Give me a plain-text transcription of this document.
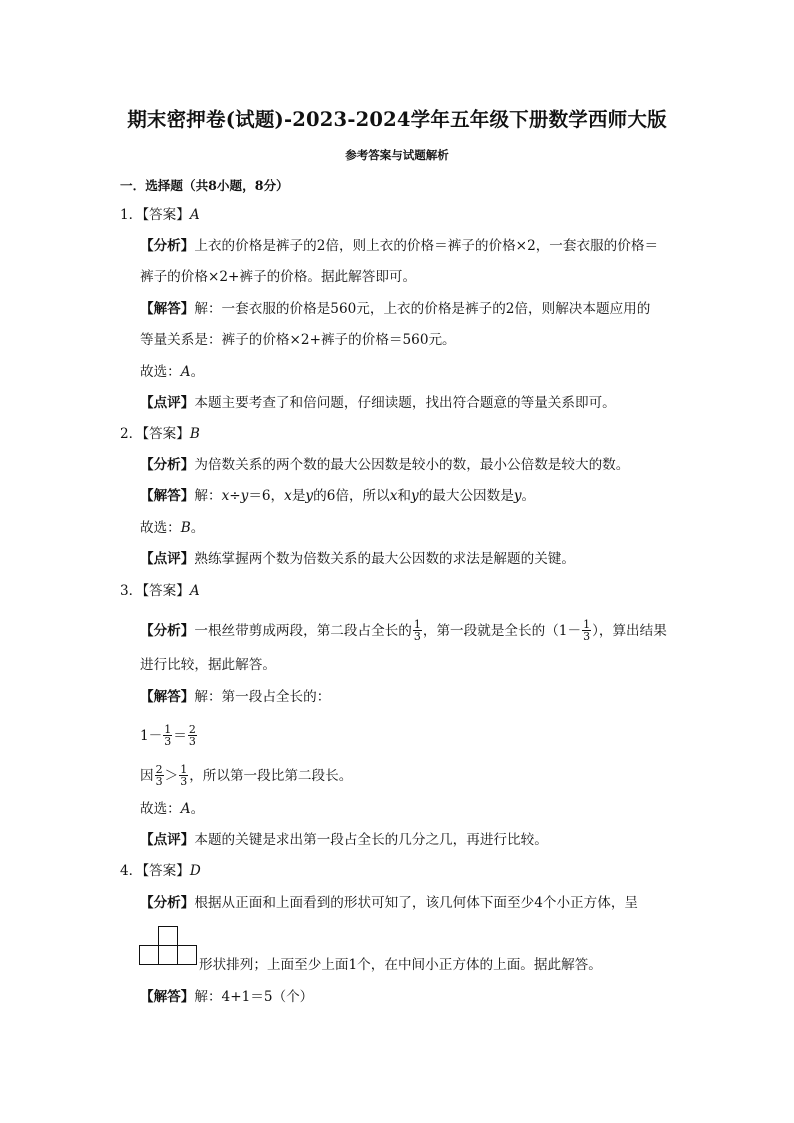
期末密押卷(试题)-2023-2024学年五年级下册数学西师大版
参考答案与试题解析
一．选择题（共8小题，8分）
1．【答案】A
【分析】上衣的价格是裤子的2倍，则上衣的价格＝裤子的价格×2，一套衣服的价格＝
裤子的价格×2+裤子的价格。据此解答即可。
【解答】解：一套衣服的价格是560元，上衣的价格是裤子的2倍，则解决本题应用的
等量关系是：裤子的价格×2+裤子的价格＝560元。
故选：A。
【点评】本题主要考查了和倍问题，仔细读题，找出符合题意的等量关系即可。
2．【答案】B
【分析】为倍数关系的两个数的最大公因数是较小的数，最小公倍数是较大的数。
【解答】解：x÷y＝6，x是y的6倍，所以x和y的最大公因数是y。
故选：B。
【点评】熟练掌握两个数为倍数关系的最大公因数的求法是解题的关键。
3．【答案】A
【分析】一根丝带剪成两段，第二段占全长的 $\frac{1}{3}$ ，第一段就是全长的（$1- \frac{1}{3}$ ），算出结果
进行比较，据此解答。
【解答】解：第一段占全长的：
$1- \frac{1}{3} = \frac{2}{3}$
因 $\frac{2}{3} > \frac{1}{3}$ ，所以第一段比第二段长。
故选：A。
【点评】本题的关键是求出第一段占全长的几分之几，再进行比较。
4．【答案】D
【分析】根据从正面和上面看到的形状可知了，该几何体下面至少4个小正方体，呈
形状排列；上面至少上面1个，在中间小正方体的上面。据此解答。
【解答】解：4+1＝5（个）
